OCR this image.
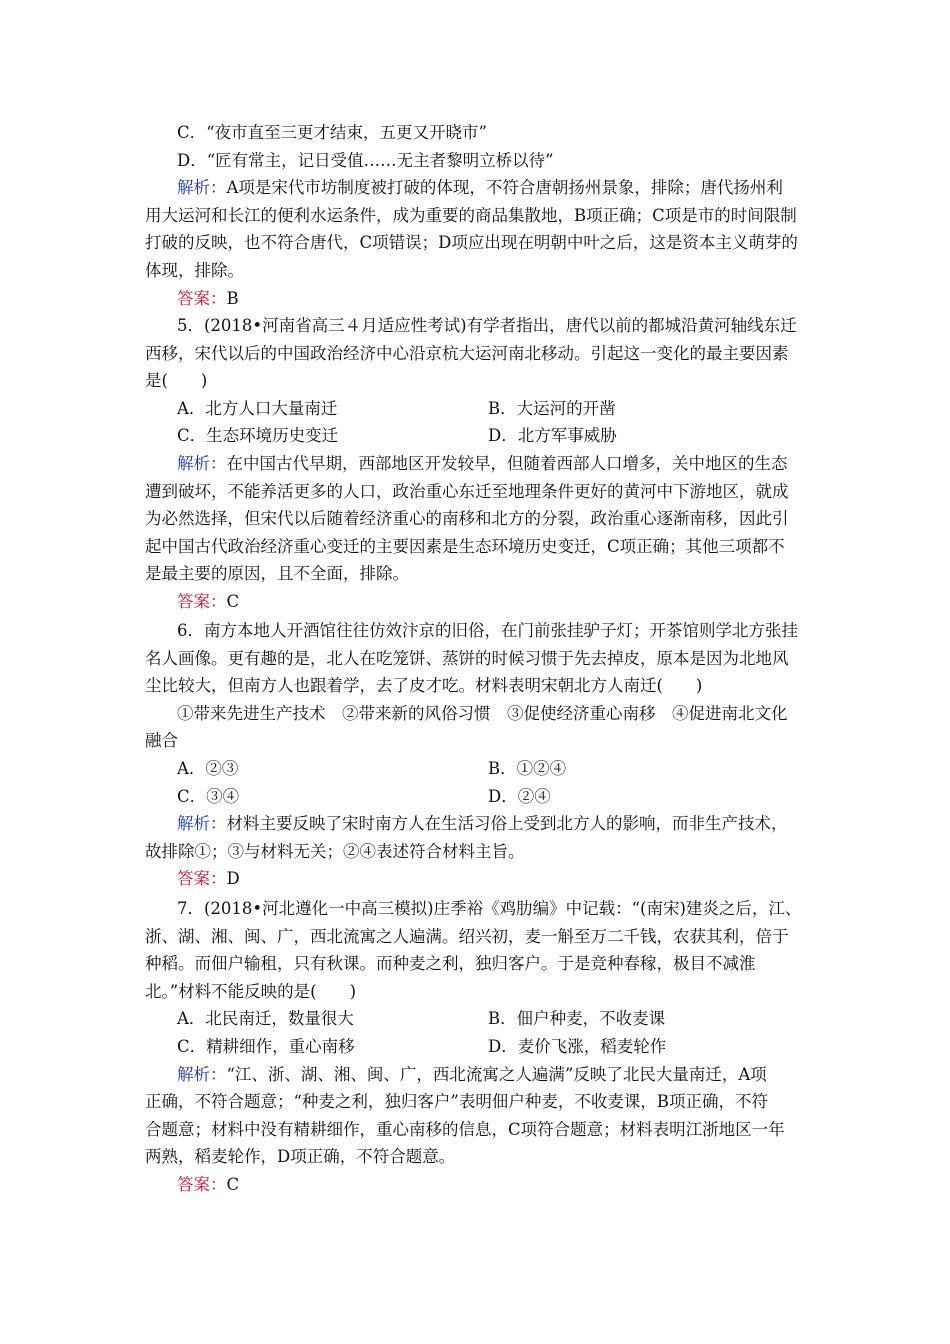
C．“夜市直至三更才结束，五更又开晓市”
D．“匠有常主，记日受值……无主者黎明立桥以待”
解析：A项是宋代市坊制度被打破的体现，不符合唐朝扬州景象，排除；唐代扬州利
用大运河和长江的便利水运条件，成为重要的商品集散地，B项正确；C项是市的时间限制
打破的反映，也不符合唐代，C项错误；D项应出现在明朝中叶之后，这是资本主义萌芽的
体现，排除。
答案：B
5．(2018•河南省高三４月适应性考试)有学者指出，唐代以前的都城沿黄河轴线东迁
西移，宋代以后的中国政治经济中心沿京杭大运河南北移动。引起这一变化的最主要因素
是(　　)
A．北方人口大量南迁	B．大运河的开凿
C．生态环境历史变迁	D．北方军事威胁
解析：在中国古代早期，西部地区开发较早，但随着西部人口增多，关中地区的生态
遭到破坏，不能养活更多的人口，政治重心东迁至地理条件更好的黄河中下游地区，就成
为必然选择，但宋代以后随着经济重心的南移和北方的分裂，政治重心逐渐南移，因此引
起中国古代政治经济重心变迁的主要因素是生态环境历史变迁，C项正确；其他三项都不
是最主要的原因，且不全面，排除。
答案：C
6．南方本地人开酒馆往往仿效汴京的旧俗，在门前张挂驴子灯；开茶馆则学北方张挂
名人画像。更有趣的是，北人在吃笼饼、蒸饼的时候习惯于先去掉皮，原本是因为北地风
尘比较大，但南方人也跟着学，去了皮才吃。材料表明宋朝北方人南迁(　　)
①带来先进生产技术　②带来新的风俗习惯　③促使经济重心南移　④促进南北文化
融合
A．②③	B．①②④
C．③④	D．②④
解析：材料主要反映了宋时南方人在生活习俗上受到北方人的影响，而非生产技术，
故排除①；③与材料无关；②④表述符合材料主旨。
答案：D
7．(2018•河北遵化一中高三模拟)庄季裕《鸡肋编》中记载：“(南宋)建炎之后，江、
浙、湖、湘、闽、广，西北流寓之人遍满。绍兴初，麦一斛至万二千钱，农获其利，倍于
种稻。而佃户输租，只有秋课。而种麦之利，独归客户。于是竞种春稼，极目不减淮
北。”材料不能反映的是(　　)
A．北民南迁，数量很大	B．佃户种麦，不收麦课
C．精耕细作，重心南移	D．麦价飞涨，稻麦轮作
解析：“江、浙、湖、湘、闽、广，西北流寓之人遍满”反映了北民大量南迁，A项
正确，不符合题意；“种麦之利，独归客户”表明佃户种麦，不收麦课，B项正确，不符
合题意；材料中没有精耕细作，重心南移的信息，C项符合题意；材料表明江浙地区一年
两熟，稻麦轮作，D项正确，不符合题意。
答案：C
